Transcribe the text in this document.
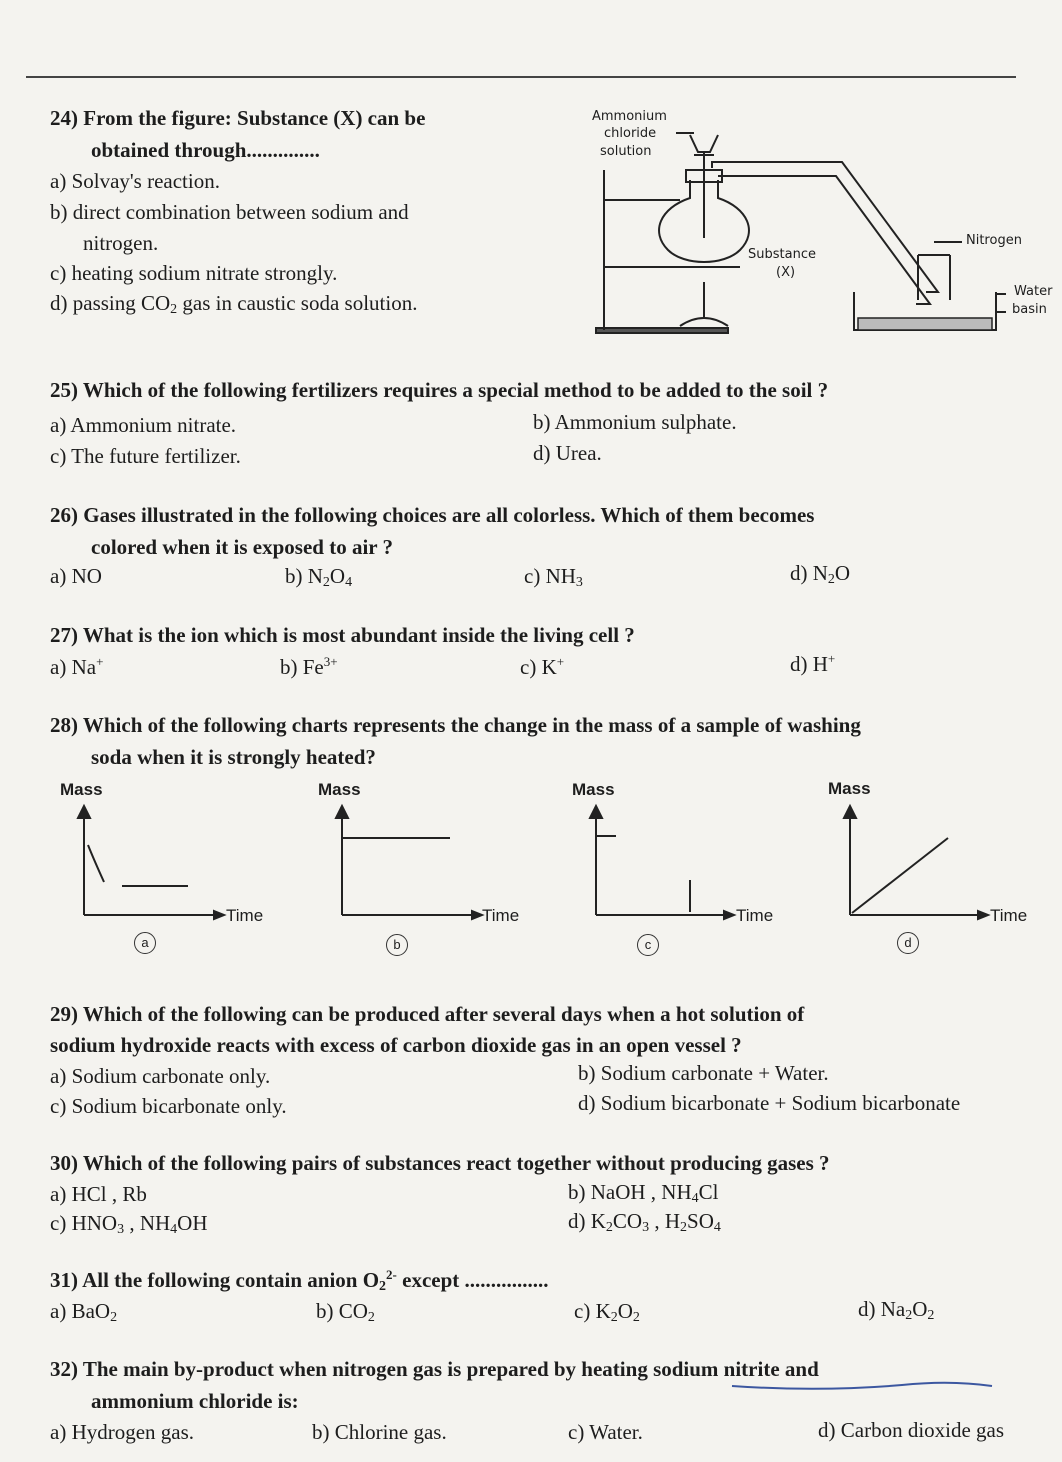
24) From the figure: Substance (X) can be
obtained through..............
a) Solvay's reaction.
b) direct combination between sodium and
nitrogen.
c) heating sodium nitrate strongly.
d) passing $CO_2$ gas in caustic soda solution.
Ammonium
chloride
solution
Substance
(X)
Nitrogen
Water
basin
25) Which of the following fertilizers requires a special method to be added to the soil ?
a) Ammonium nitrate.	b) Ammonium sulphate.
c) The future fertilizer.	d) Urea.
26) Gases illustrated in the following choices are all colorless. Which of them becomes
colored when it is exposed to air ?
a) NO	b) $N_2O_4$	c) $NH_3$	d) $N_2O$
27) What is the ion which is most abundant inside the living cell ?
a) Na+	b) $Fe^{3+}$	c) K+	d) H+
28) Which of the following charts represents the change in the mass of a sample of washing
soda when it is strongly heated?
Mass
Time
a
Mass
Time
b
Mass
Time
c
Mass
Time
d
29) Which of the following can be produced after several days when a hot solution of
sodium hydroxide reacts with excess of carbon dioxide gas in an open vessel ?
a) Sodium carbonate only.	b) Sodium carbonate + Water.
c) Sodium bicarbonate only.	d) Sodium bicarbonate + Sodium bicarbonate
30) Which of the following pairs of substances react together without producing gases ?
a) HCl , Rb	b) NaOH , $NH_4Cl$
c) $HNO_3$ , $NH_4OH$	d) $K_2CO_3$ , $H_2SO_4$
31) All the following contain anion $O_2^{2-}$ except ................
a) BaO$_2$	b) $CO_2$	c) $K_2O_2$	d) $Na_2O_2$
32) The main by-product when nitrogen gas is prepared by heating sodium nitrite and
ammonium chloride is:
a) Hydrogen gas.	b) Chlorine gas.	c) Water.	d) Carbon dioxide gas
